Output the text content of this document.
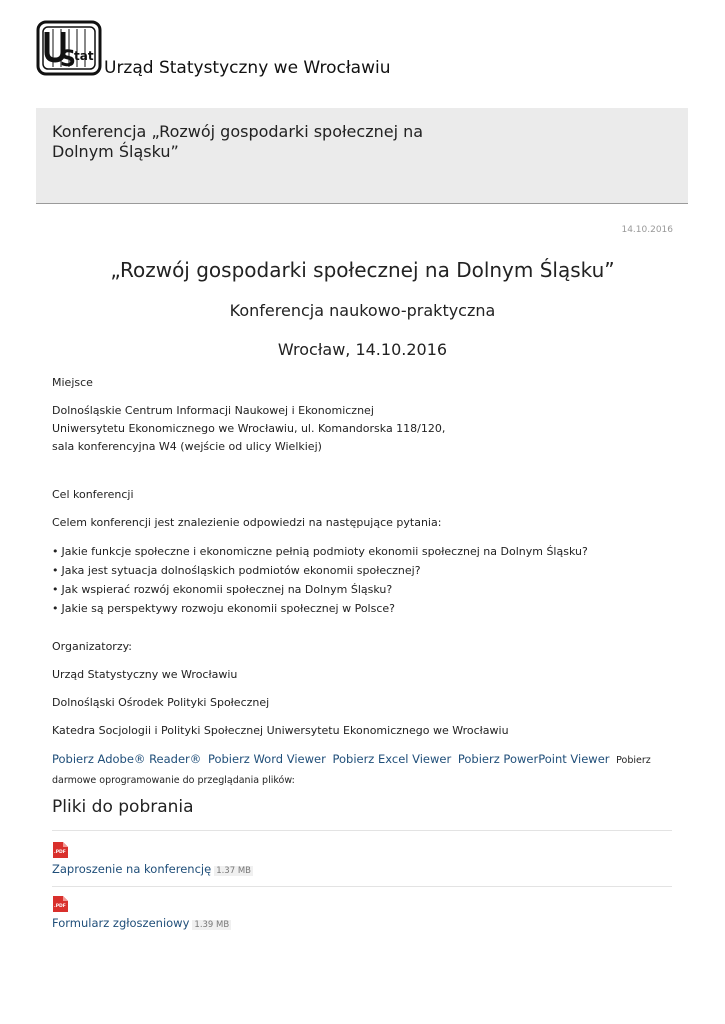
S
tat
Urząd Statystyczny we Wrocławiu
Konferencja „Rozwój gospodarki społecznej na Dolnym Śląsku”
14.10.2016
„Rozwój gospodarki społecznej na Dolnym Śląsku”
Konferencja naukowo-praktyczna
Wrocław, 14.10.2016

Miejsce

Dolnośląskie Centrum Informacji Naukowej i Ekonomicznej

Uniwersytetu Ekonomicznego we Wrocławiu, ul. Komandorska 118/120,

sala konferencyjna W4 (wejście od ulicy Wielkiej)

Cel konferencji

Celem konferencji jest znalezienie odpowiedzi na następujące pytania:

• Jakie funkcje społeczne i ekonomiczne pełnią podmioty ekonomii społecznej na Dolnym Śląsku?
• Jaka jest sytuacja dolnośląskich podmiotów ekonomii społecznej?
• Jak wspierać rozwój ekonomii społecznej na Dolnym Śląsku?
• Jakie są perspektywy rozwoju ekonomii społecznej w Polsce?

Organizatorzy:

Urząd Statystyczny we Wrocławiu

Dolnośląski Ośrodek Polityki Społecznej

Katedra Socjologii i Polityki Społecznej Uniwersytetu Ekonomicznego we Wrocławiu

Pobierz Adobe® Reader® Pobierz Word Viewer Pobierz Excel Viewer Pobierz PowerPoint Viewer Pobierz darmowe oprogramowanie do przeglądania plików:
Pliki do pobrania
.PDF
Zaproszenie na konferencję 1.37 MB
.PDF
Formularz zgłoszeniowy 1.39 MB
